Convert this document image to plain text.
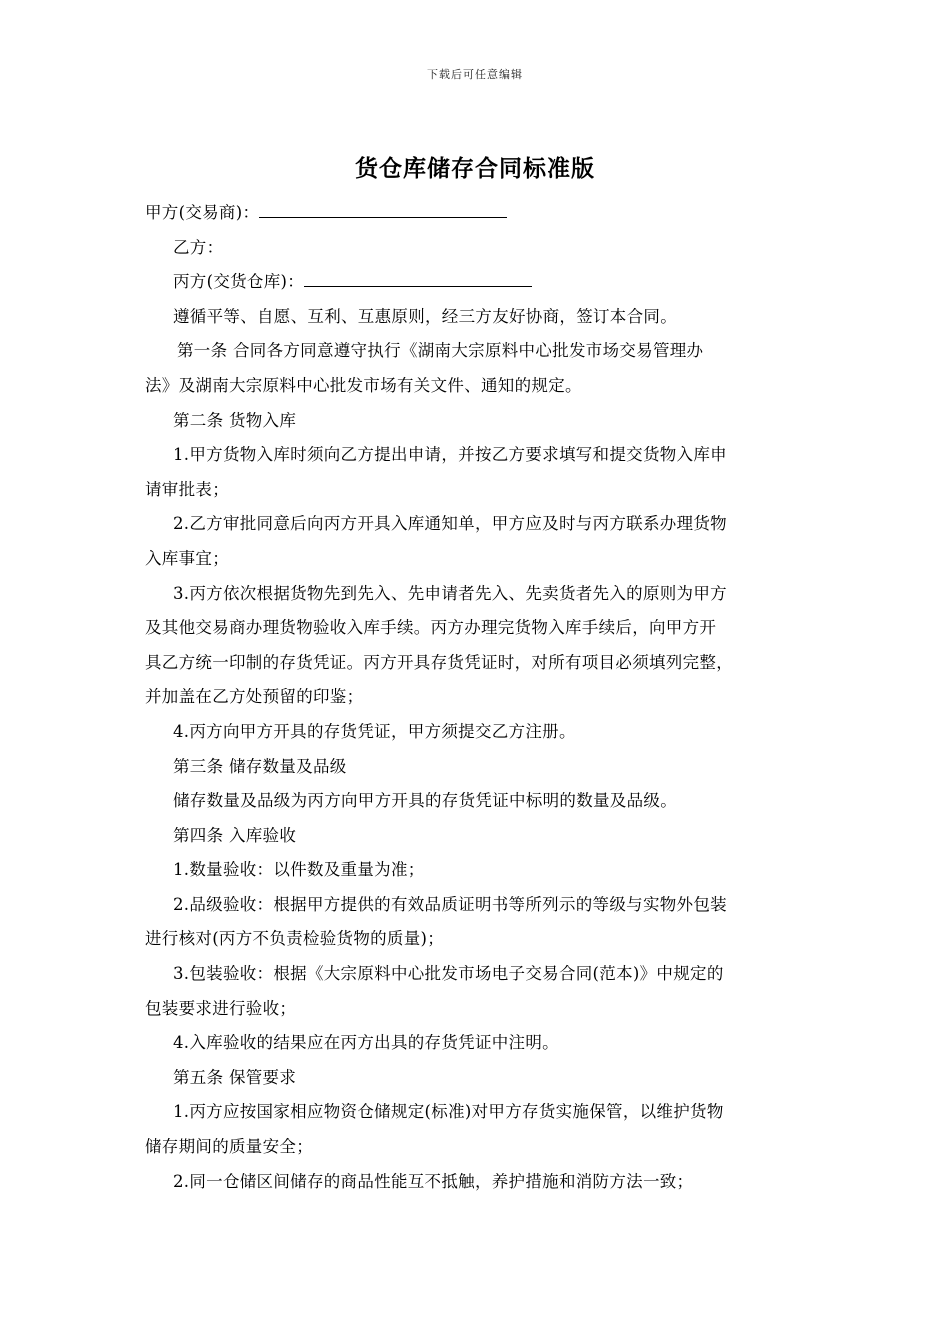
下载后可任意编辑
货仓库储存合同标准版
甲方(交易商)：
乙方：
丙方(交货仓库)：
遵循平等、自愿、互利、互惠原则，经三方友好协商，签订本合同。
第一条 合同各方同意遵守执行《湖南大宗原料中心批发市场交易管理办
法》及湖南大宗原料中心批发市场有关文件、通知的规定。
第二条 货物入库
1.甲方货物入库时须向乙方提出申请，并按乙方要求填写和提交货物入库申
请审批表；
2.乙方审批同意后向丙方开具入库通知单，甲方应及时与丙方联系办理货物
入库事宜；
3.丙方依次根据货物先到先入、先申请者先入、先卖货者先入的原则为甲方
及其他交易商办理货物验收入库手续。丙方办理完货物入库手续后，向甲方开
具乙方统一印制的存货凭证。丙方开具存货凭证时，对所有项目必须填列完整，
并加盖在乙方处预留的印鉴；
4.丙方向甲方开具的存货凭证，甲方须提交乙方注册。
第三条 储存数量及品级
储存数量及品级为丙方向甲方开具的存货凭证中标明的数量及品级。
第四条 入库验收
1.数量验收：以件数及重量为准；
2.品级验收：根据甲方提供的有效品质证明书等所列示的等级与实物外包装
进行核对(丙方不负责检验货物的质量)；
3.包装验收：根据《大宗原料中心批发市场电子交易合同(范本)》中规定的
包装要求进行验收；
4.入库验收的结果应在丙方出具的存货凭证中注明。
第五条 保管要求
1.丙方应按国家相应物资仓储规定(标准)对甲方存货实施保管，以维护货物
储存期间的质量安全；
2.同一仓储区间储存的商品性能互不抵触，养护措施和消防方法一致；
